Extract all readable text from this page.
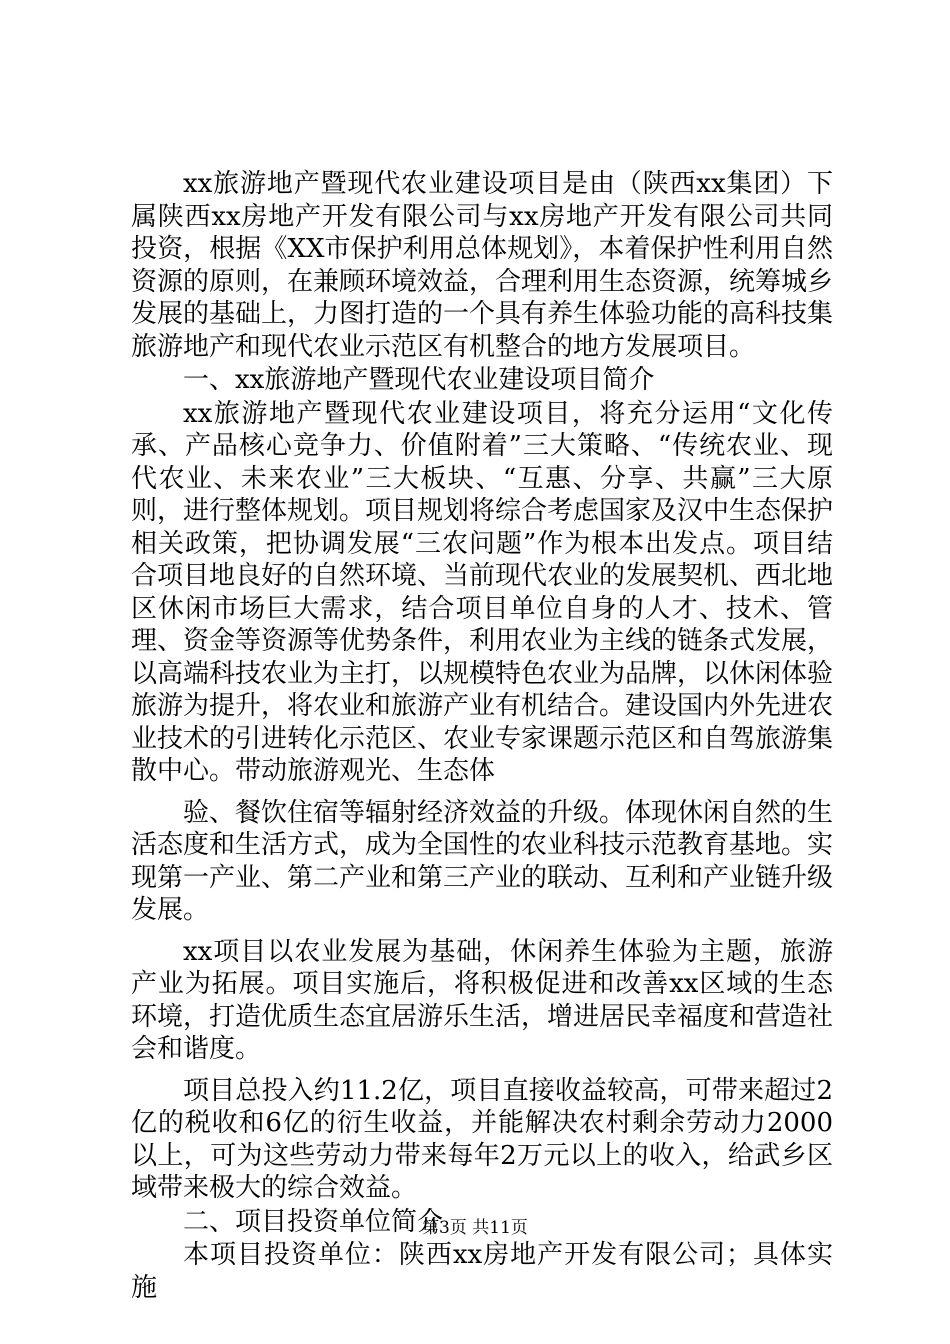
xx旅游地产暨现代农业建设项目是由（陕西xx集团）下属陕西xx房地产开发有限公司与xx房地产开发有限公司共同投资，根据《XX市保护利用总体规划》，本着保护性利用自然资源的原则，在兼顾环境效益，合理利用生态资源，统筹城乡发展的基础上，力图打造的一个具有养生体验功能的高科技集旅游地产和现代农业示范区有机整合的地方发展项目。

一、xx旅游地产暨现代农业建设项目简介

xx旅游地产暨现代农业建设项目，将充分运用“文化传承、产品核心竞争力、价值附着”三大策略、“传统农业、现代农业、未来农业”三大板块、“互惠、分享、共赢”三大原则，进行整体规划。项目规划将综合考虑国家及汉中生态保护相关政策，把协调发展“三农问题”作为根本出发点。项目结合项目地良好的自然环境、当前现代农业的发展契机、西北地区休闲市场巨大需求，结合项目单位自身的人才、技术、管理、资金等资源等优势条件，利用农业为主线的链条式发展，以高端科技农业为主打，以规模特色农业为品牌，以休闲体验旅游为提升，将农业和旅游产业有机结合。建设国内外先进农业技术的引进转化示范区、农业专家课题示范区和自驾旅游集散中心。带动旅游观光、生态体

验、餐饮住宿等辐射经济效益的升级。体现休闲自然的生活态度和生活方式，成为全国性的农业科技示范教育基地。实现第一产业、第二产业和第三产业的联动、互利和产业链升级发展。

xx项目以农业发展为基础，休闲养生体验为主题，旅游产业为拓展。项目实施后，将积极促进和改善xx区域的生态环境，打造优质生态宜居游乐生活，增进居民幸福度和营造社会和谐度。

项目总投入约11.2亿，项目直接收益较高，可带来超过2亿的税收和6亿的衍生收益，并能解决农村剩余劳动力2000以上，可为这些劳动力带来每年2万元以上的收入，给武乡区域带来极大的综合效益。

二、项目投资单位简介

本项目投资单位：陕西xx房地产开发有限公司；具体实施

第3页 共11页
